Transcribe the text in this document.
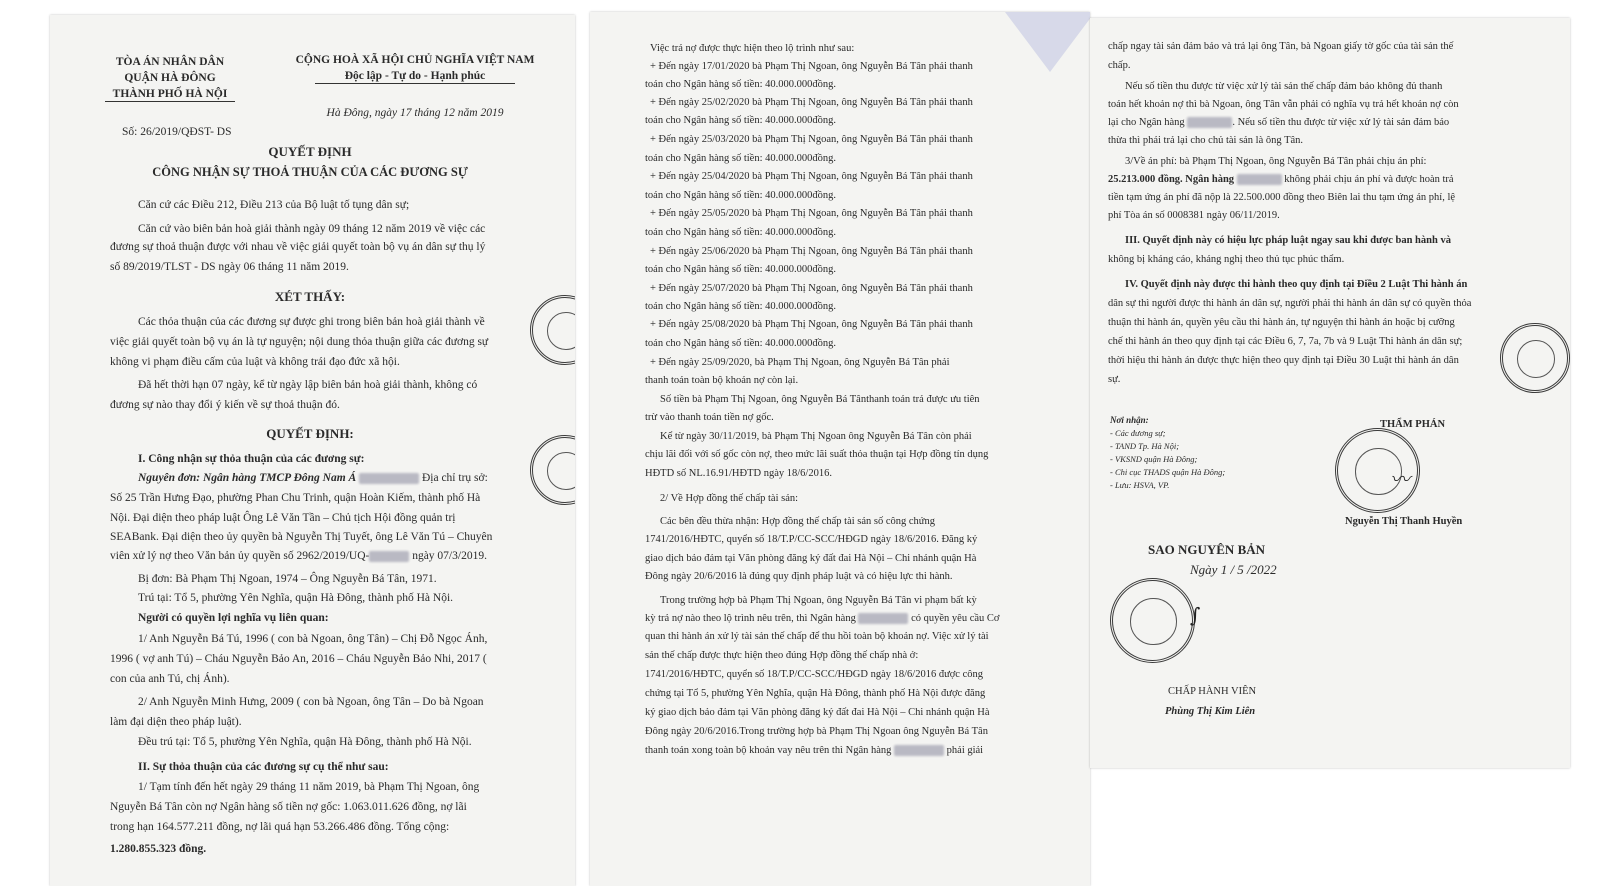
TÒA ÁN NHÂN DÂN
QUẬN HÀ ĐÔNG
THÀNH PHỐ HÀ NỘI
CỘNG HOÀ XÃ HỘI CHỦ NGHĨA VIỆT NAM
Độc lập - Tự do - Hạnh phúc
Hà Đông, ngày 17 tháng 12 năm 2019
Số: 26/2019/QĐST- DS
QUYẾT ĐỊNH
CÔNG NHẬN SỰ THOẢ THUẬN CỦA CÁC ĐƯƠNG SỰ
Căn cứ các Điều 212, Điều 213 của Bộ luật tố tụng dân sự;
Căn cứ vào biên bản hoà giải thành ngày 09 tháng 12 năm 2019 về việc các
đương sự thoả thuận được với nhau về việc giải quyết toàn bộ vụ án dân sự thụ lý
số 89/2019/TLST - DS ngày 06 tháng 11 năm 2019.
XÉT THẤY:
Các thỏa thuận của các đương sự được ghi trong biên bản hoà giải thành về
việc giải quyết toàn bộ vụ án là tự nguyện; nội dung thỏa thuận giữa các đương sự
không vi phạm điều cấm của luật và không trái đạo đức xã hội.
Đã hết thời hạn 07 ngày, kể từ ngày lập biên bản hoà giải thành, không có
đương sự nào thay đổi ý kiến về sự thoả thuận đó.
QUYẾT ĐỊNH:
I. Công nhận sự thỏa thuận của các đương sự:
Nguyên đơn: Ngân hàng TMCP Đông Nam Á	Địa chỉ trụ sở:
Số 25 Trần Hưng Đạo, phường Phan Chu Trinh, quận Hoàn Kiếm, thành phố Hà
Nội. Đại diện theo pháp luật Ông Lê Văn Tần – Chủ tịch Hội đồng quản trị
SEABank. Đại diện theo ủy quyền bà Nguyễn Thị Tuyết, ông Lê Văn Tú – Chuyên
viên xử lý nợ theo Văn bản ủy quyền số 2962/2019/UQ-	ngày 07/3/2019.
Bị đơn: Bà Phạm Thị Ngoan, 1974 – Ông Nguyễn Bá Tân, 1971.
Trú tại: Tổ 5, phường Yên Nghĩa, quận Hà Đông, thành phố Hà Nội.
Người có quyền lợi nghĩa vụ liên quan:
1/ Anh Nguyễn Bá Tú, 1996 ( con bà Ngoan, ông Tân) – Chị Đỗ Ngọc Ánh,
1996 ( vợ anh Tú) – Cháu Nguyễn Bảo An, 2016 – Cháu Nguyễn Bảo Nhi, 2017 (
con của anh Tú, chị Ánh).
2/ Anh Nguyễn Minh Hưng, 2009 ( con bà Ngoan, ông Tân – Do bà Ngoan
làm đại diện theo pháp luật).
Đều trú tại: Tổ 5, phường Yên Nghĩa, quận Hà Đông, thành phố Hà Nội.
II. Sự thỏa thuận của các đương sự cụ thể như sau:
1/ Tạm tính đến hết ngày 29 tháng 11 năm 2019, bà Phạm Thị Ngoan, ông
Nguyễn Bá Tân còn nợ Ngân hàng số tiền nợ gốc: 1.063.011.626 đồng, nợ lãi
trong hạn 164.577.211 đồng, nợ lãi quá hạn 53.266.486 đồng. Tổng cộng:
1.280.855.323 đồng.
Việc trả nợ được thực hiện theo lộ trình như sau:
+ Đến ngày 17/01/2020 bà Phạm Thị Ngoan, ông Nguyễn Bá Tân phải thanh
toán cho Ngân hàng số tiền: 40.000.000đồng.
+ Đến ngày 25/02/2020 bà Phạm Thị Ngoan, ông Nguyễn Bá Tân phải thanh
toán cho Ngân hàng số tiền: 40.000.000đồng.
+ Đến ngày 25/03/2020 bà Phạm Thị Ngoan, ông Nguyễn Bá Tân phải thanh
toán cho Ngân hàng số tiền: 40.000.000đồng.
+ Đến ngày 25/04/2020 bà Phạm Thị Ngoan, ông Nguyễn Bá Tân phải thanh
toán cho Ngân hàng số tiền: 40.000.000đồng.
+ Đến ngày 25/05/2020 bà Phạm Thị Ngoan, ông Nguyễn Bá Tân phải thanh
toán cho Ngân hàng số tiền: 40.000.000đồng.
+ Đến ngày 25/06/2020 bà Phạm Thị Ngoan, ông Nguyễn Bá Tân phải thanh
toán cho Ngân hàng số tiền: 40.000.000đồng.
+ Đến ngày 25/07/2020 bà Phạm Thị Ngoan, ông Nguyễn Bá Tân phải thanh
toán cho Ngân hàng số tiền: 40.000.000đồng.
+ Đến ngày 25/08/2020 bà Phạm Thị Ngoan, ông Nguyễn Bá Tân phải thanh
toán cho Ngân hàng số tiền: 40.000.000đồng.
+ Đến ngày 25/09/2020, bà Phạm Thị Ngoan, ông Nguyễn Bá Tân phải
thanh toán toàn bộ khoản nợ còn lại.
Số tiền bà Phạm Thị Ngoan, ông Nguyễn Bá Tânthanh toán trả được ưu tiên
trừ vào thanh toán tiền nợ gốc.
Kể từ ngày 30/11/2019, bà Phạm Thị Ngoan ông Nguyễn Bá Tân còn phải
chịu lãi đối với số gốc còn nợ, theo mức lãi suất thỏa thuận tại Hợp đồng tín dụng
HĐTD số NL.16.91/HĐTD ngày 18/6/2016.
2/ Về Hợp đồng thế chấp tài sản:
Các bên đều thừa nhận: Hợp đồng thế chấp tài sản số công chứng
1741/2016/HĐTC, quyển số 18/T.P/CC-SCC/HĐGD ngày 18/6/2016. Đăng ký
giao dịch bảo đảm tại Văn phòng đăng ký đất đai Hà Nội – Chi nhánh quận Hà
Đông ngày 20/6/2016 là đúng quy định pháp luật và có hiệu lực thi hành.
Trong trường hợp bà Phạm Thị Ngoan, ông Nguyễn Bá Tân vi phạm bất kỳ
kỳ trả nợ nào theo lộ trình nêu trên, thì Ngân hàng	có quyền yêu cầu Cơ
quan thi hành án xử lý tài sản thế chấp để thu hồi toàn bộ khoản nợ. Việc xử lý tài
sản thế chấp được thực hiện theo đúng Hợp đồng thế chấp nhà ở:
1741/2016/HĐTC, quyển số 18/T.P/CC-SCC/HĐGD ngày 18/6/2016 được công
chứng tại Tổ 5, phường Yên Nghĩa, quận Hà Đông, thành phố Hà Nội được đăng
ký giao dịch bảo đảm tại Văn phòng đăng ký đất đai Hà Nội – Chi nhánh quận Hà
Đông ngày 20/6/2016.Trong trường hợp bà Phạm Thị Ngoan ông Nguyễn Bá Tân
thanh toán xong toàn bộ khoản vay nêu trên thì Ngân hàng	phải giải
chấp ngay tài sản đảm bảo và trả lại ông Tân, bà Ngoan giấy tờ gốc của tài sản thế
chấp.
Nếu số tiền thu được từ việc xử lý tài sản thế chấp đảm bảo không đủ thanh
toán hết khoản nợ thì bà Ngoan, ông Tân vẫn phải có nghĩa vụ trả hết khoản nợ còn
lại cho Ngân hàng	. Nếu số tiền thu được từ việc xử lý tài sản đảm bảo
thừa thì phải trả lại cho chủ tài sản là ông Tân.
3/Về án phí: bà Phạm Thị Ngoan, ông Nguyễn Bá Tân phải chịu án phí:
25.213.000 đồng. Ngân hàng	không phải chịu án phí và được hoàn trả
tiền tạm ứng án phí đã nộp là 22.500.000 đồng theo Biên lai thu tạm ứng án phí, lệ
phí Tòa án số 0008381 ngày 06/11/2019.
III. Quyết định này có hiệu lực pháp luật ngay sau khi được ban hành và
không bị kháng cáo, kháng nghị theo thủ tục phúc thẩm.
IV. Quyết định này được thi hành theo quy định tại Điều 2 Luật Thi hành án
dân sự thì người được thi hành án dân sự, người phải thi hành án dân sự có quyền thỏa
thuận thi hành án, quyền yêu cầu thi hành án, tự nguyện thi hành án hoặc bị cưỡng
chế thi hành án theo quy định tại các Điều 6, 7, 7a, 7b và 9 Luật Thi hành án dân sự;
thời hiệu thi hành án được thực hiện theo quy định tại Điều 30 Luật thi hành án dân
sự.
Nơi nhận:
- Các đương sự;
- TAND Tp. Hà Nội;
- VKSND quận Hà Đông;
- Chi cục THADS quận Hà Đông;
- Lưu: HSVA, VP.
THẨM PHÁN
〰
Nguyễn Thị Thanh Huyền
SAO NGUYÊN BẢN
Ngày 1 / 5 /2022
∫
CHẤP HÀNH VIÊN
Phùng Thị Kim Liên
